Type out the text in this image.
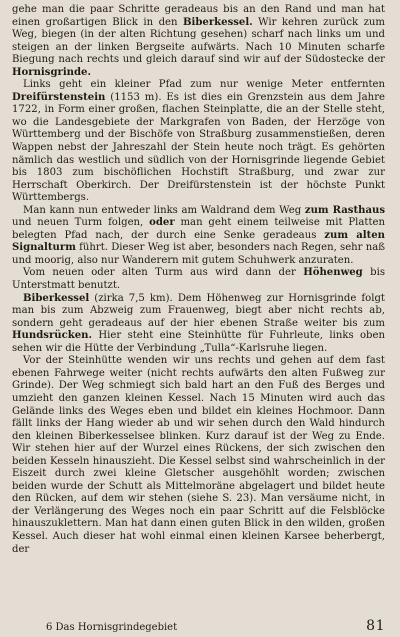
gehe man die paar Schritte geradeaus bis an den Rand und man hat einen großartigen Blick in den Biberkessel. Wir kehren zurück zum Weg, biegen (in der alten Richtung gesehen) scharf nach links um und steigen an der linken Bergseite aufwärts. Nach 10 Minuten scharfe Biegung nach rechts und gleich darauf sind wir auf der Südostecke der Hornisgrinde.

Links geht ein kleiner Pfad zum nur wenige Meter entfernten Dreifürstenstein (1153 m). Es ist dies ein Grenzstein aus dem Jahre 1722, in Form einer großen, flachen Steinplatte, die an der Stelle steht, wo die Landesgebiete der Markgrafen von Baden, der Herzöge von Württemberg und der Bischöfe von Straßburg zusammenstießen, deren Wappen nebst der Jahreszahl der Stein heute noch trägt. Es gehörten nämlich das westlich und südlich von der Hornisgrinde liegende Gebiet bis 1803 zum bischöflichen Hochstift Straßburg, und zwar zur Herrschaft Oberkirch. Der Dreifürstenstein ist der höchste Punkt Württembergs.

Man kann nun entweder links am Waldrand dem Weg zum Rasthaus und neuen Turm folgen, oder man geht einem teilweise mit Platten belegten Pfad nach, der durch eine Senke geradeaus zum alten Signalturm führt. Dieser Weg ist aber, besonders nach Regen, sehr naß und moorig, also nur Wanderern mit gutem Schuhwerk anzuraten.

Vom neuen oder alten Turm aus wird dann der Höhenweg bis Unterstmatt benutzt.

Biberkessel (zirka 7,5 km). Dem Höhenweg zur Hornisgrinde folgt man bis zum Abzweig zum Frauenweg, biegt aber nicht rechts ab, sondern geht geradeaus auf der hier ebenen Straße weiter bis zum Hundsrücken. Hier steht eine Steinhütte für Fuhrleute, links oben sehen wir die Hütte der Verbindung „Tulla“-Karlsruhe liegen.

Vor der Steinhütte wenden wir uns rechts und gehen auf dem fast ebenen Fahrwege weiter (nicht rechts aufwärts den alten Fußweg zur Grinde). Der Weg schmiegt sich bald hart an den Fuß des Berges und umzieht den ganzen kleinen Kessel. Nach 15 Minuten wird auch das Gelände links des Weges eben und bildet ein kleines Hochmoor. Dann fällt links der Hang wieder ab und wir sehen durch den Wald hindurch den kleinen Biberkesselsee blinken. Kurz darauf ist der Weg zu Ende. Wir stehen hier auf der Wurzel eines Rückens, der sich zwischen den beiden Kesseln hinauszieht. Die Kessel selbst sind wahrscheinlich in der Eiszeit durch zwei kleine Gletscher ausgehöhlt worden; zwischen beiden wurde der Schutt als Mittelmoräne abgelagert und bildet heute den Rücken, auf dem wir stehen (siehe S. 23). Man versäume nicht, in der Verlängerung des Weges noch ein paar Schritt auf die Felsblöcke hinauszuklettern. Man hat dann einen guten Blick in den wilden, großen Kessel. Auch dieser hat wohl einmal einen kleinen Karsee beherbergt, der

6 Das Hornisgrindegebiet	81
